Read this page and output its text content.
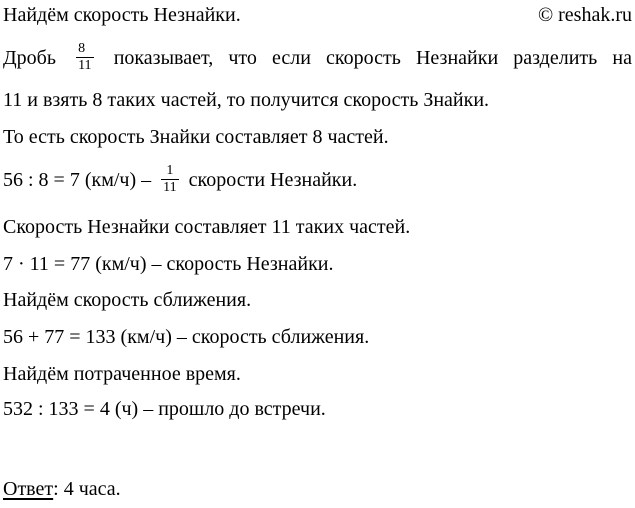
Найдём скорость Незнайки.	© reshak.ru
Дробь $\frac{8}{11}$ показывает, что если скорость Незнайки разделить на
11 и взять 8 таких частей, то получится скорость Знайки.
То есть скорость Знайки составляет 8 частей.
56 : 8 = 7 $(км/ч) - \frac{1}{11}$ скорости Незнайки.
Скорость Незнайки составляет 11 таких частей.
7 · 11 = 77 (км/ч) – скорость Незнайки.
Найдём скорость сближения.
56 + 77 = 133 (км/ч) – скорость сближения.
Найдём потраченное время.
532 : 133 = 4 (ч) – прошло до встречи.
Ответ: 4 часа.
